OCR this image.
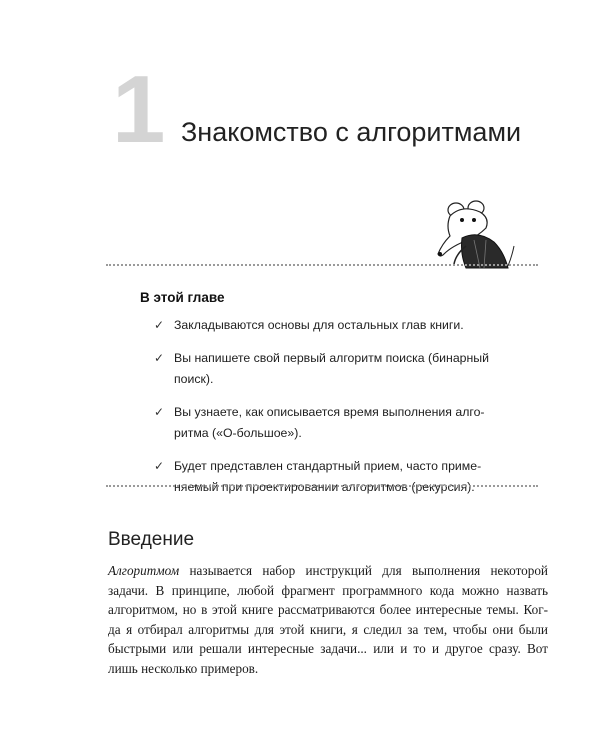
1 Знакомство с алгоритмами
В этой главе
✓ Закладываются основы для остальных глав книги.
✓ Вы напишете свой первый алгоритм поиска (бинарный
поиск).
✓ Вы узнаете, как описывается время выполнения алго-
ритма («О-большое»).
✓ Будет представлен стандартный прием, часто приме-
няемый при проектировании алгоритмов (рекурсия).
Введение
Алгоритмом называется набор инструкций для выполнения некоторой
задачи. В принципе, любой фрагмент программного кода можно назвать
алгоритмом, но в этой книге рассматриваются более интересные темы. Ког-
да я отбирал алгоритмы для этой книги, я следил за тем, чтобы они были
быстрыми или решали интересные задачи... или и то и другое сразу. Вот
лишь несколько примеров.
